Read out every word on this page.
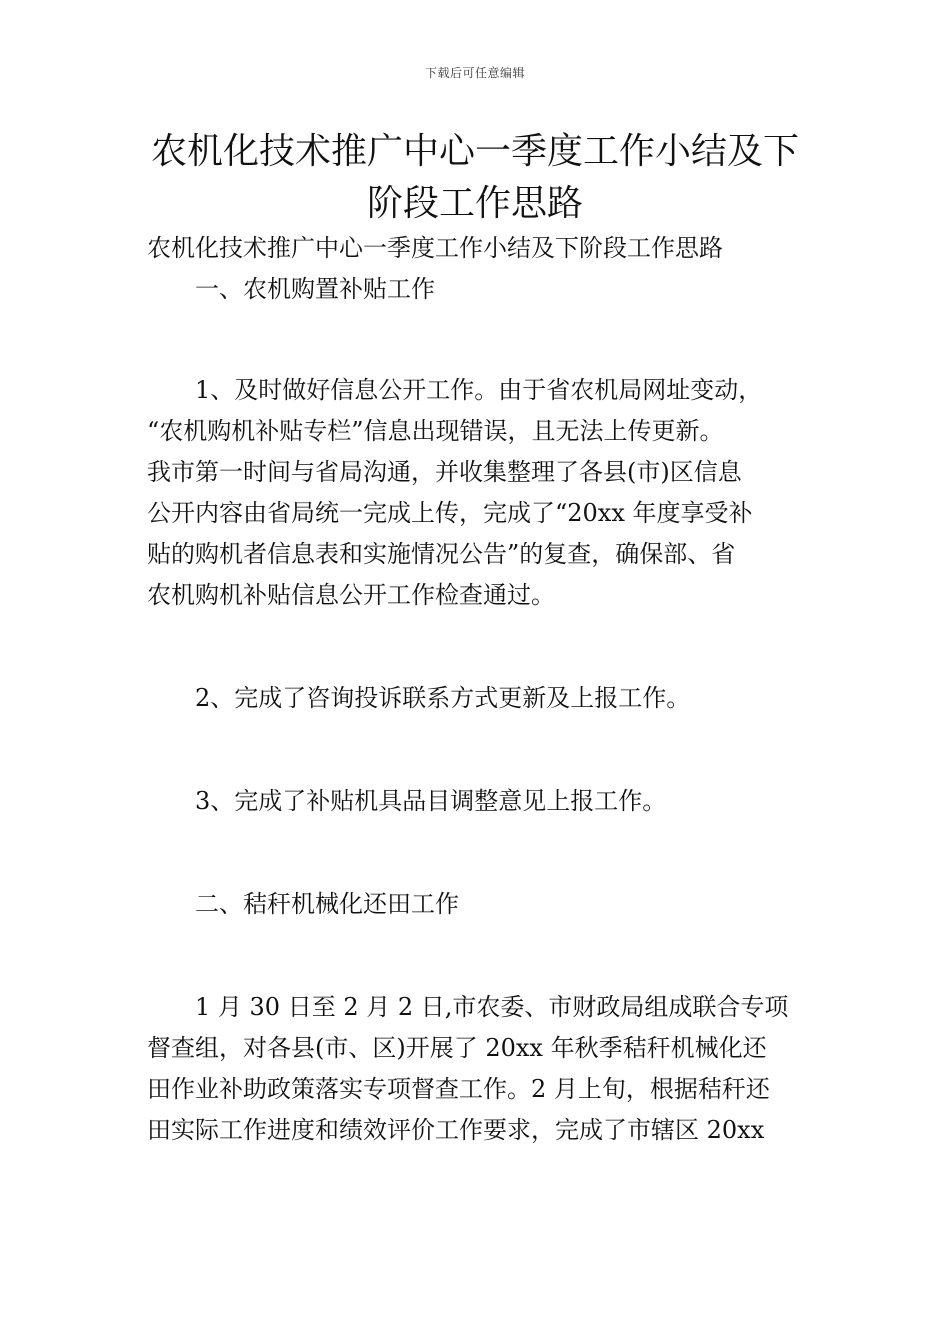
下载后可任意编辑
农机化技术推广中心一季度工作小结及下
阶段工作思路

农机化技术推广中心一季度工作小结及下阶段工作思路

一、农机购置补贴工作

1、及时做好信息公开工作。由于省农机局网址变动，

“农机购机补贴专栏”信息出现错误，且无法上传更新。

我市第一时间与省局沟通，并收集整理了各县(市)区信息

公开内容由省局统一完成上传，完成了“20xx 年度享受补

贴的购机者信息表和实施情况公告”的复查，确保部、省

农机购机补贴信息公开工作检查通过。

2、完成了咨询投诉联系方式更新及上报工作。

3、完成了补贴机具品目调整意见上报工作。

二、秸秆机械化还田工作

1 月 30 日至 2 月 2 日,市农委、市财政局组成联合专项

督查组，对各县(市、区)开展了 20xx 年秋季秸秆机械化还

田作业补助政策落实专项督查工作。2 月上旬，根据秸秆还

田实际工作进度和绩效评价工作要求，完成了市辖区 20xx
